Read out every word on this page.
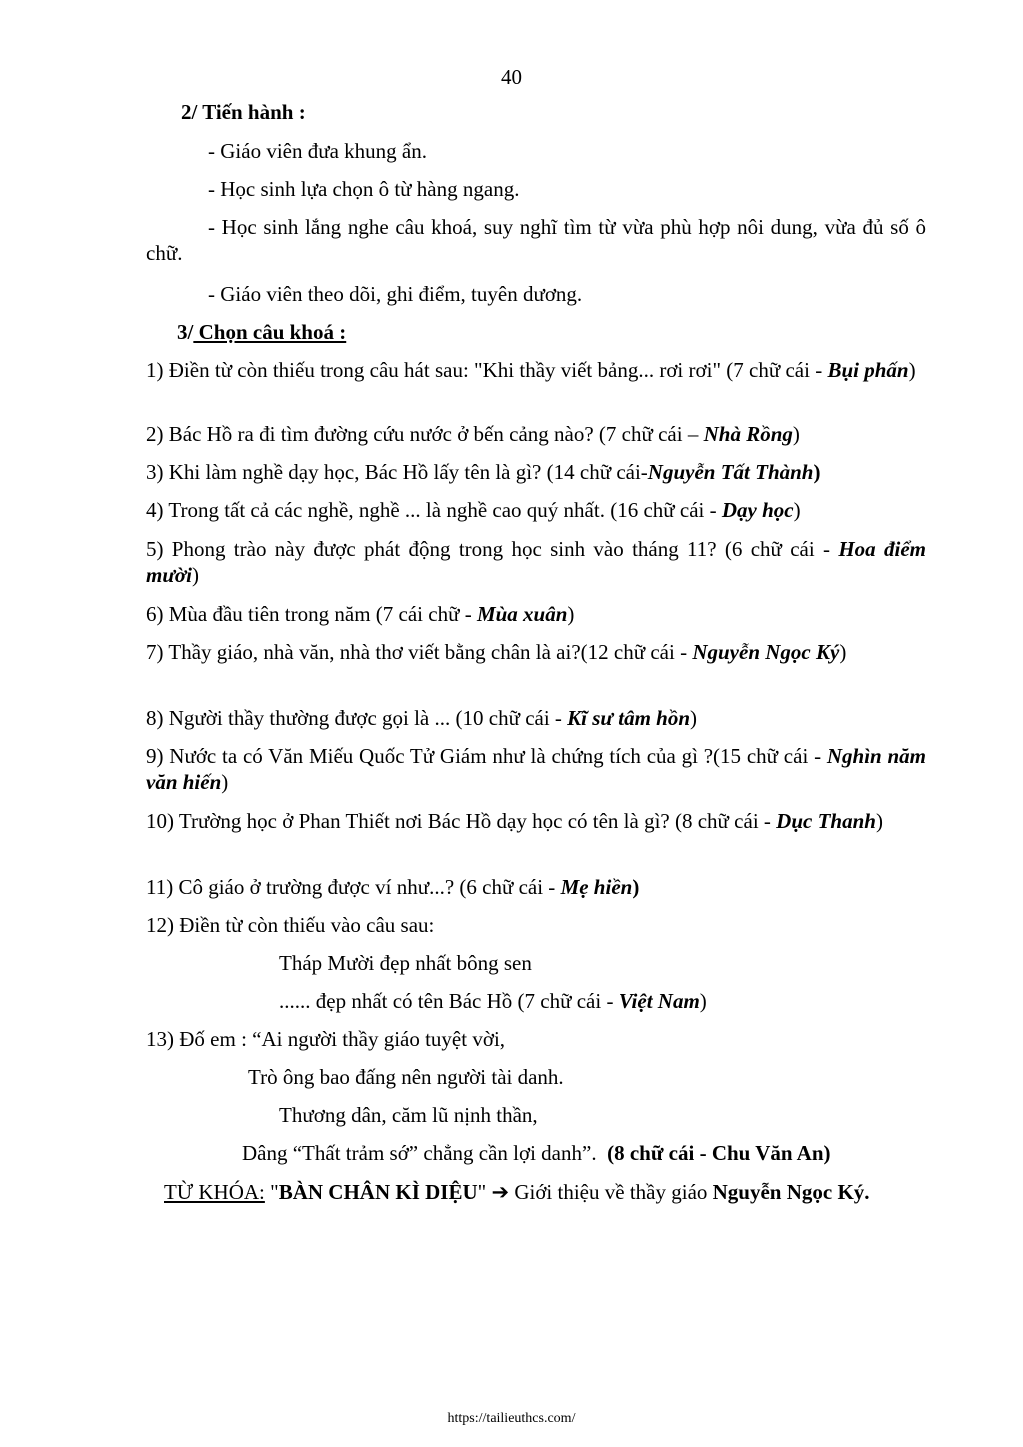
40
2/ Tiến hành :
- Giáo viên đưa khung ẩn.
- Học sinh lựa chọn ô từ hàng ngang.
- Học sinh lắng nghe câu khoá, suy nghĩ tìm từ vừa phù hợp nôi dung, vừa đủ số ô chữ.
- Giáo viên theo dõi, ghi điểm, tuyên dương.
3/ Chọn câu khoá :
1) Điền từ còn thiếu trong câu hát sau: "Khi thầy viết bảng... rơi rơi" (7 chữ cái - Bụi phấn)
2) Bác Hồ ra đi tìm đường cứu nước ở bến cảng nào? (7 chữ cái – Nhà Rồng)
3) Khi làm nghề dạy học, Bác Hồ lấy tên là gì? (14 chữ cái-Nguyễn Tất Thành)
4) Trong tất cả các nghề, nghề ... là nghề cao quý nhất. (16 chữ cái - Dạy học)
5) Phong trào này được phát động trong học sinh vào tháng 11? (6 chữ cái - Hoa điểm mười)
6) Mùa đầu tiên trong năm (7 cái chữ - Mùa xuân)
7) Thầy giáo, nhà văn, nhà thơ viết bằng chân là ai?(12 chữ cái - Nguyễn Ngọc Ký)
8) Người thầy thường được gọi là ... (10 chữ cái - Kĩ sư tâm hồn)
9) Nước ta có Văn Miếu Quốc Tử Giám như là chứng tích của gì ?(15 chữ cái - Nghìn năm văn hiến)
10) Trường học ở Phan Thiết nơi Bác Hồ dạy học có tên là gì? (8 chữ cái - Dục Thanh)
11) Cô giáo ở trường được ví như...? (6 chữ cái - Mẹ hiền)
12) Điền từ còn thiếu vào câu sau:
Tháp Mười đẹp nhất bông sen
...... đẹp nhất có tên Bác Hồ (7 chữ cái - Việt Nam)
13) Đố em : “Ai người thầy giáo tuyệt vời,
Trò ông bao đấng nên người tài danh.
Thương dân, căm lũ nịnh thần,
Dâng “Thất trảm sớ” chẳng cần lợi danh”. (8 chữ cái - Chu Văn An)
TỪ KHÓA: "BÀN CHÂN KÌ DIỆU" ➔ Giới thiệu về thầy giáo Nguyễn Ngọc Ký.
https://tailieuthcs.com/
